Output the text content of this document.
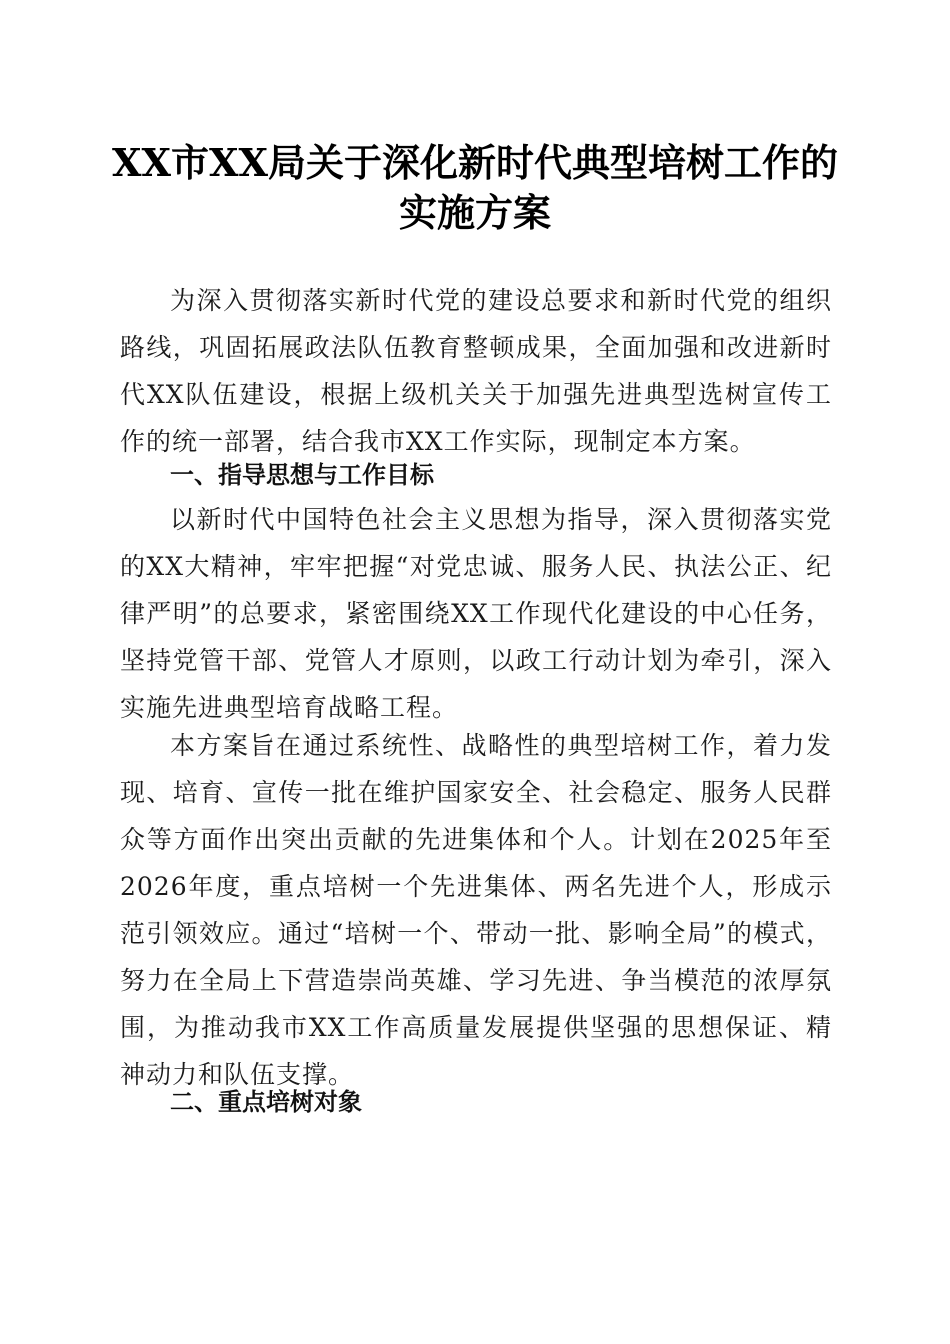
XX市XX局关于深化新时代典型培树工作的
实施方案

为深入贯彻落实新时代党的建设总要求和新时代党的组织路线，巩固拓展政法队伍教育整顿成果，全面加强和改进新时代XX队伍建设，根据上级机关关于加强先进典型选树宣传工作的统一部署，结合我市XX工作实际，现制定本方案。

一、指导思想与工作目标

以新时代中国特色社会主义思想为指导，深入贯彻落实党的XX大精神，牢牢把握“对党忠诚、服务人民、执法公正、纪律严明”的总要求，紧密围绕XX工作现代化建设的中心任务，坚持党管干部、党管人才原则，以政工行动计划为牵引，深入实施先进典型培育战略工程。

本方案旨在通过系统性、战略性的典型培树工作，着力发现、培育、宣传一批在维护国家安全、社会稳定、服务人民群众等方面作出突出贡献的先进集体和个人。计划在2025年至2026年度，重点培树一个先进集体、两名先进个人，形成示范引领效应。通过“培树一个、带动一批、影响全局”的模式，努力在全局上下营造崇尚英雄、学习先进、争当模范的浓厚氛围，为推动我市XX工作高质量发展提供坚强的思想保证、精神动力和队伍支撑。

二、重点培树对象
